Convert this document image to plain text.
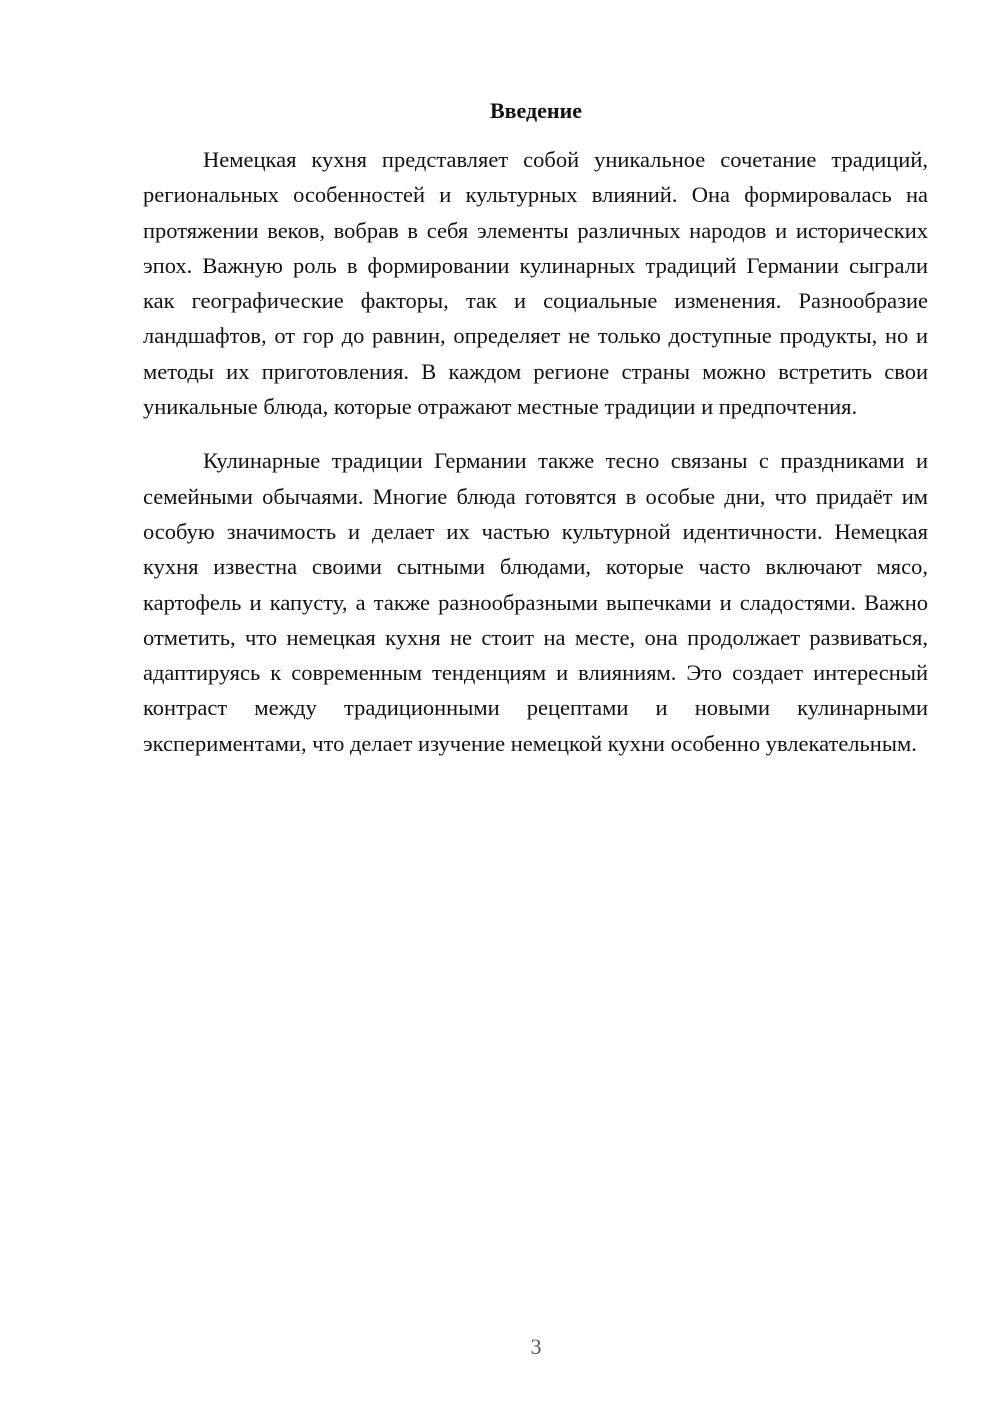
Введение

Немецкая кухня представляет собой уникальное сочетание традиций, региональных особенностей и культурных влияний. Она формировалась на протяжении веков, вобрав в себя элементы различных народов и исторических эпох. Важную роль в формировании кулинарных традиций Германии сыграли как географические факторы, так и социальные изменения. Разнообразие ландшафтов, от гор до равнин, определяет не только доступные продукты, но и методы их приготовления. В каждом регионе страны можно встретить свои уникальные блюда, которые отражают местные традиции и предпочтения.

Кулинарные традиции Германии также тесно связаны с праздниками и семейными обычаями. Многие блюда готовятся в особые дни, что придаёт им особую значимость и делает их частью культурной идентичности. Немецкая кухня известна своими сытными блюдами, которые часто включают мясо, картофель и капусту, а также разнообразными выпечками и сладостями. Важно отметить, что немецкая кухня не стоит на месте, она продолжает развиваться, адаптируясь к современным тенденциям и влияниям. Это создает интересный контраст между традиционными рецептами и новыми кулинарными экспериментами, что делает изучение немецкой кухни особенно увлекательным.

3
